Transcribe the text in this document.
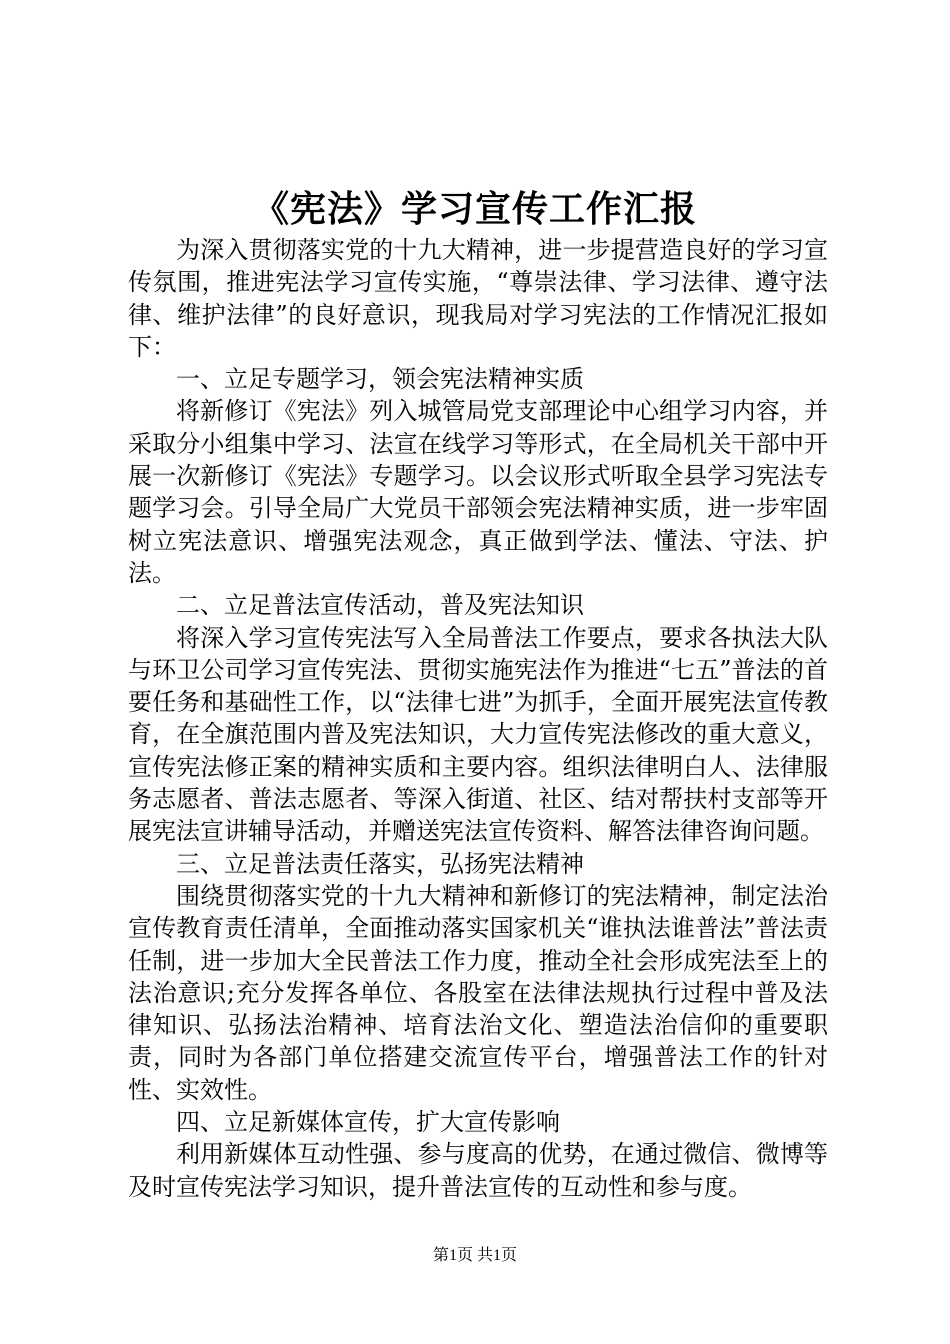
《宪法》学习宣传工作汇报

为深入贯彻落实党的十九大精神，进一步提营造良好的学习宣传氛围，推进宪法学习宣传实施，“尊崇法律、学习法律、遵守法律、维护法律”的良好意识，现我局对学习宪法的工作情况汇报如下：

一、立足专题学习，领会宪法精神实质

将新修订《宪法》列入城管局党支部理论中心组学习内容，并采取分小组集中学习、法宣在线学习等形式，在全局机关干部中开展一次新修订《宪法》专题学习。以会议形式听取全县学习宪法专题学习会。引导全局广大党员干部领会宪法精神实质，进一步牢固树立宪法意识、增强宪法观念，真正做到学法、懂法、守法、护法。

二、立足普法宣传活动，普及宪法知识

将深入学习宣传宪法写入全局普法工作要点，要求各执法大队与环卫公司学习宣传宪法、贯彻实施宪法作为推进“七五”普法的首要任务和基础性工作，以“法律七进”为抓手，全面开展宪法宣传教育，在全旗范围内普及宪法知识，大力宣传宪法修改的重大意义，宣传宪法修正案的精神实质和主要内容。组织法律明白人、法律服务志愿者、普法志愿者、等深入街道、社区、结对帮扶村支部等开展宪法宣讲辅导活动，并赠送宪法宣传资料、解答法律咨询问题。

三、立足普法责任落实，弘扬宪法精神

围绕贯彻落实党的十九大精神和新修订的宪法精神，制定法治宣传教育责任清单，全面推动落实国家机关“谁执法谁普法”普法责任制，进一步加大全民普法工作力度，推动全社会形成宪法至上的法治意识;充分发挥各单位、各股室在法律法规执行过程中普及法律知识、弘扬法治精神、培育法治文化、塑造法治信仰的重要职责，同时为各部门单位搭建交流宣传平台，增强普法工作的针对性、实效性。

四、立足新媒体宣传，扩大宣传影响

利用新媒体互动性强、参与度高的优势，在通过微信、微博等及时宣传宪法学习知识，提升普法宣传的互动性和参与度。

第1页 共1页
